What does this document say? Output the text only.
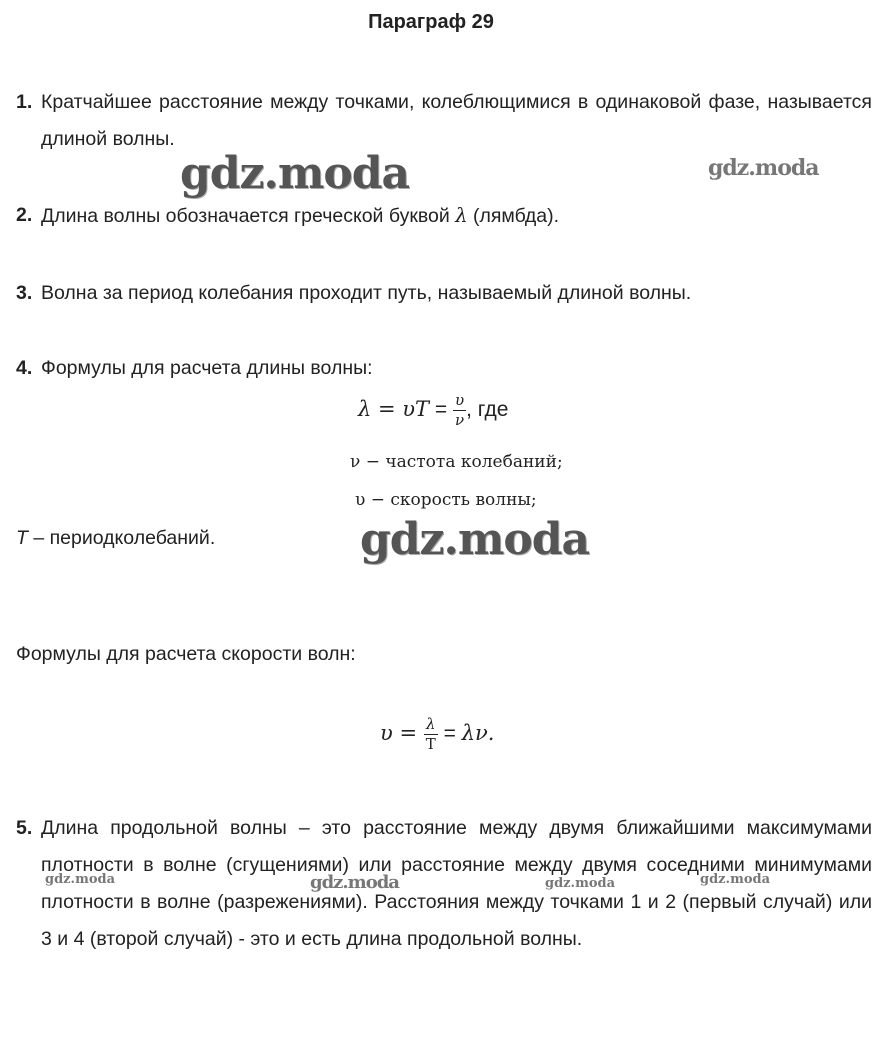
Параграф 29
1. Кратчайшее расстояние между точками, колеблющимися в одинаковой фазе, называется длиной волны.
2. Длина волны обозначается греческой буквой λ (лямбда).
3. Волна за период колебания проходит путь, называемый длиной волны.
4. Формулы для расчета длины волны:
$\lambda = \upsilon T = \frac{\upsilon}{\nu}$ , где
ν − частота колебаний;
υ − скорость волны;
T – периодколебаний.
Формулы для расчета скорости волн:
$\upsilon = \frac{\lambda}{T} = \lambda\nu$.
5. Длина продольной волны – это расстояние между двумя ближайшими максимумами плотности в волне (сгущениями) или расстояние между двумя соседними минимумами плотности в волне (разрежениями). Расстояния между точками 1 и 2 (первый случай) или 3 и 4 (второй случай) - это и есть длина продольной волны.
gdz.moda	gdz.moda
gdz.moda
gdz.moda	gdz.moda	gdz.moda	gdz.moda
